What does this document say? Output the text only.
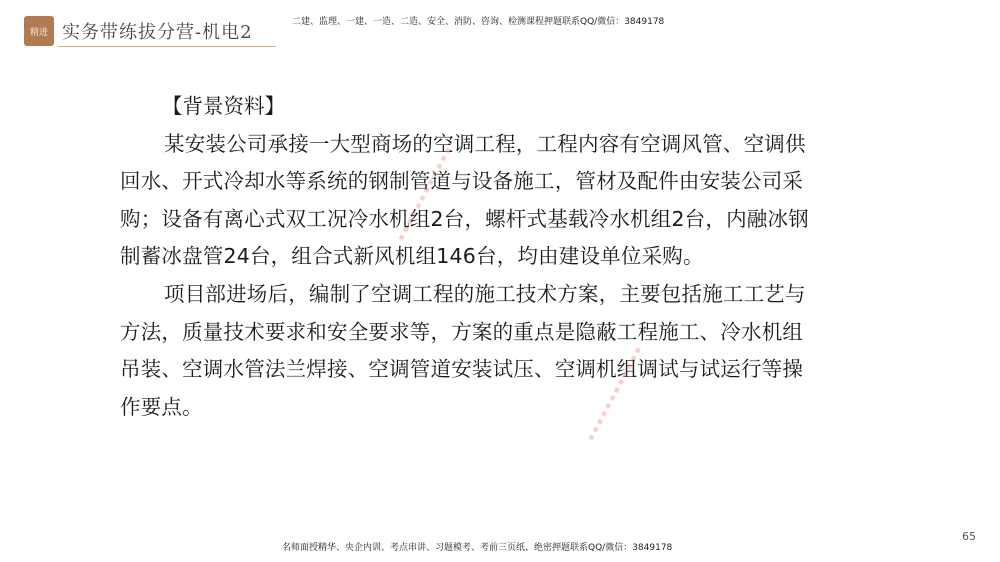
精进 实务带练拔分营-机电2	二建、监理、一建、一造、二造、安全、消防、咨询、检测课程押题联系QQ/微信：3849178

【背景资料】

某安装公司承接一大型商场的空调工程，工程内容有空调风管、空调供回水、开式冷却水等系统的钢制管道与设备施工，管材及配件由安装公司采购；设备有离心式双工况冷水机组2台，螺杆式基载冷水机组2台，内融冰钢制蓄冰盘管24台，组合式新风机组146台，均由建设单位采购。

项目部进场后，编制了空调工程的施工技术方案，主要包括施工工艺与方法，质量技术要求和安全要求等，方案的重点是隐蔽工程施工、冷水机组吊装、空调水管法兰焊接、空调管道安装试压、空调机组调试与试运行等操作要点。

▪ ▪ ▪ ▪ ▪ ▪ ▪ ▪ ▪ ▪ ▪ ▪
▪ ▪ ▪ ▪ ▪ ▪ ▪ ▪ ▪ ▪ ▪ ▪
名师面授精华、央企内训、考点串讲、习题模考、考前三页纸、绝密押题联系QQ/微信：3849178
65
